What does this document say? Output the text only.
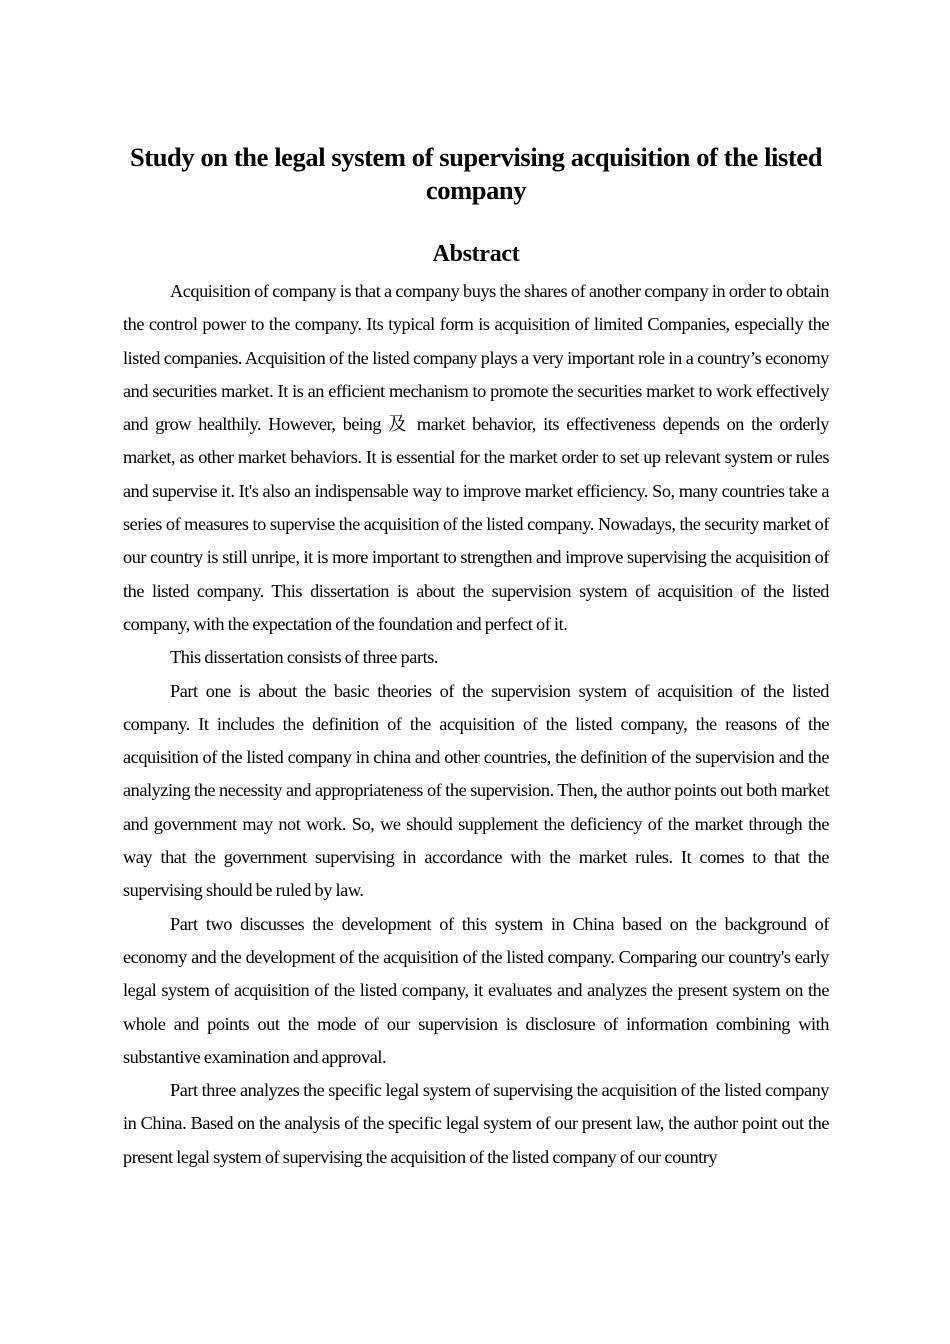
Study on the legal system of supervising acquisition of the listed company
Abstract

Acquisition of company is that a company buys the shares of another company in order to obtain the control power to the company. Its typical form is acquisition of limited Companies, especially the listed companies. Acquisition of the listed company plays a very important role in a country’s economy and securities market. It is an efficient mechanism to promote the securities market to work effectively and grow healthily. However, being 及 market behavior, its effectiveness depends on the orderly market, as other market behaviors. It is essential for the market order to set up relevant system or rules and supervise it. It's also an indispensable way to improve market efficiency. So, many countries take a series of measures to supervise the acquisition of the listed company. Nowadays, the security market of our country is still unripe, it is more important to strengthen and improve supervising the acquisition of the listed company. This dissertation is about the supervision system of acquisition of the listed company, with the expectation of the foundation and perfect of it.

This dissertation consists of three parts.

Part one is about the basic theories of the supervision system of acquisition of the listed company. It includes the definition of the acquisition of the listed company, the reasons of the acquisition of the listed company in china and other countries, the definition of the supervision and the analyzing the necessity and appropriateness of the supervision. Then, the author points out both market and government may not work. So, we should supplement the deficiency of the market through the way that the government supervising in accordance with the market rules. It comes to that the supervising should be ruled by law.

Part two discusses the development of this system in China based on the background of economy and the development of the acquisition of the listed company. Comparing our country's early legal system of acquisition of the listed company, it evaluates and analyzes the present system on the whole and points out the mode of our supervision is disclosure of information combining with substantive examination and approval.

Part three analyzes the specific legal system of supervising the acquisition of the listed company in China. Based on the analysis of the specific legal system of our present law, the author point out the present legal system of supervising the acquisition of the listed company of our country
